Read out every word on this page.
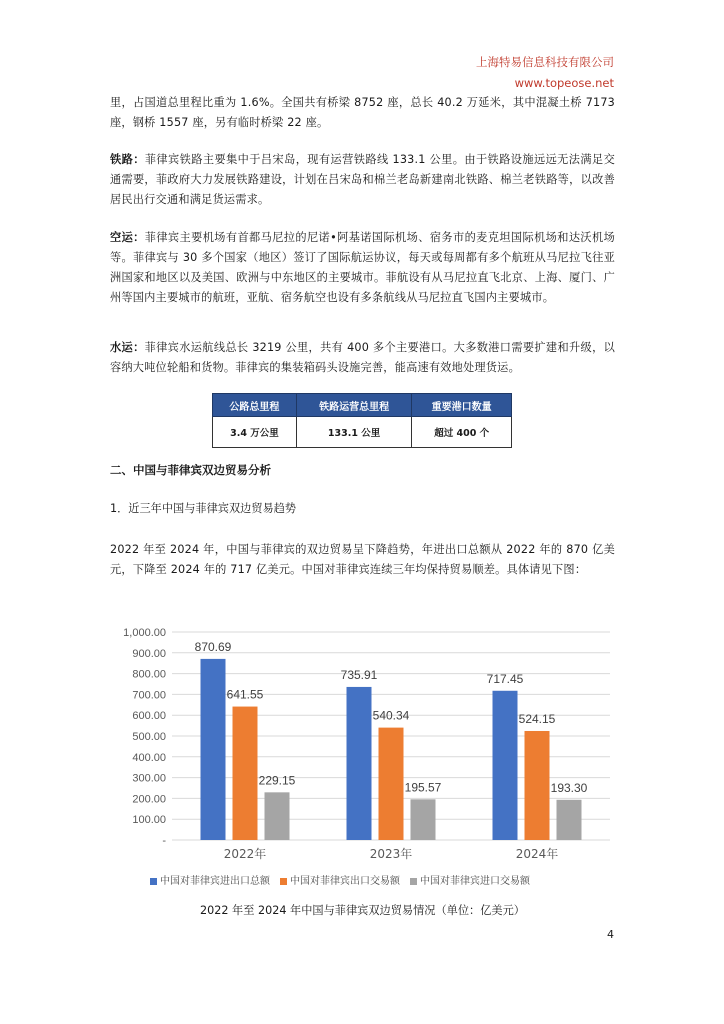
上海特易信息科技有限公司
www.topeose.net
里，占国道总里程比重为 1.6%。全国共有桥梁 8752 座，总长 40.2 万延米，其中混凝土桥 7173 座，钢桥 1557 座，另有临时桥梁 22 座。
铁路：菲律宾铁路主要集中于吕宋岛，现有运营铁路线 133.1 公里。由于铁路设施远远无法满足交通需要，菲政府大力发展铁路建设，计划在吕宋岛和棉兰老岛新建南北铁路、棉兰老铁路等，以改善居民出行交通和满足货运需求。
空运：菲律宾主要机场有首都马尼拉的尼诺•阿基诺国际机场、宿务市的麦克坦国际机场和达沃机场等。菲律宾与 30 多个国家（地区）签订了国际航运协议，每天或每周都有多个航班从马尼拉飞往亚洲国家和地区以及美国、欧洲与中东地区的主要城市。菲航设有从马尼拉直飞北京、上海、厦门、广州等国内主要城市的航班，亚航、宿务航空也设有多条航线从马尼拉直飞国内主要城市。
水运：菲律宾水运航线总长 3219 公里，共有 400 多个主要港口。大多数港口需要扩建和升级，以容纳大吨位轮船和货物。菲律宾的集装箱码头设施完善，能高速有效地处理货运。
公路总里程	铁路运营总里程	重要港口数量
3.4 万公里	133.1 公里	超过 400 个
二、中国与菲律宾双边贸易分析
1．近三年中国与菲律宾双边贸易趋势
2022 年至 2024 年，中国与菲律宾的双边贸易呈下降趋势，年进出口总额从 2022 年的 870 亿美元，下降至 2024 年的 717 亿美元。中国对菲律宾连续三年均保持贸易顺差。具体请见下图：
1,000.00
900.00
800.00
700.00
600.00
500.00
400.00
300.00
200.00
100.00
-
870.69
641.55
229.15
2022年
735.91
540.34
195.57
2023年
717.45
524.15
193.30
2024年
中国对菲律宾进出口总额	中国对菲律宾出口交易额	中国对菲律宾进口交易额
2022 年至 2024 年中国与菲律宾双边贸易情况（单位：亿美元）
4
